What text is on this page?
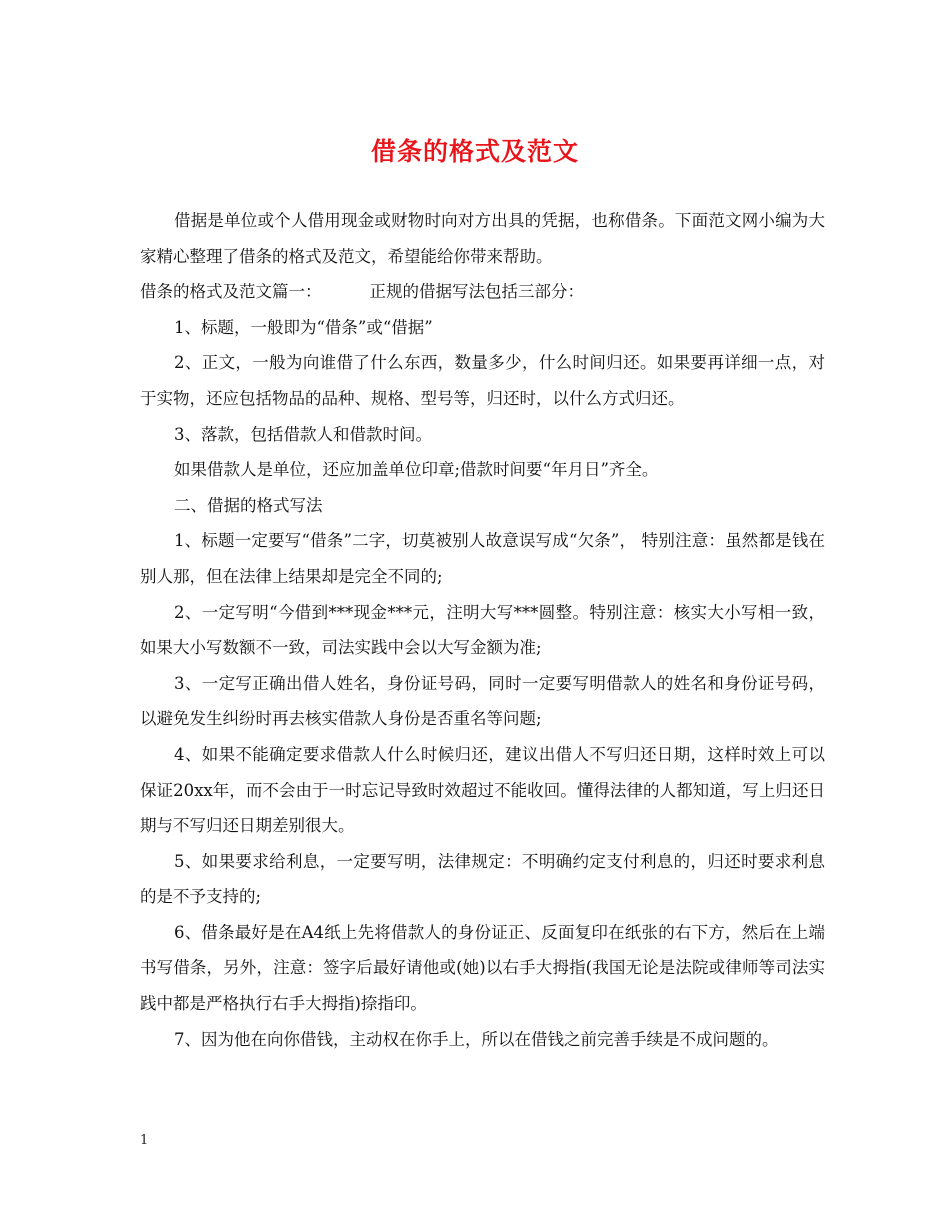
借条的格式及范文

借据是单位或个人借用现金或财物时向对方出具的凭据，也称借条。下面范文网小编为大家精心整理了借条的格式及范文，希望能给你带来帮助。

借条的格式及范文篇一：	正规的借据写法包括三部分：

1、标题，一般即为“借条”或“借据”

2、正文，一般为向谁借了什么东西，数量多少，什么时间归还。如果要再详细一点，对于实物，还应包括物品的品种、规格、型号等，归还时，以什么方式归还。

3、落款，包括借款人和借款时间。

如果借款人是单位，还应加盖单位印章;借款时间要“年月日”齐全。

二、借据的格式写法

1、标题一定要写“借条”二字，切莫被别人故意误写成“欠条”， 特别注意：虽然都是钱在别人那，但在法律上结果却是完全不同的;

2、一定写明“今借到***现金***元，注明大写***圆整。特别注意：核实大小写相一致，如果大小写数额不一致，司法实践中会以大写金额为准;

3、一定写正确出借人姓名，身份证号码，同时一定要写明借款人的姓名和身份证号码，以避免发生纠纷时再去核实借款人身份是否重名等问题;

4、如果不能确定要求借款人什么时候归还，建议出借人不写归还日期，这样时效上可以保证20xx年，而不会由于一时忘记导致时效超过不能收回。懂得法律的人都知道，写上归还日期与不写归还日期差别很大。

5、如果要求给利息，一定要写明，法律规定：不明确约定支付利息的，归还时要求利息的是不予支持的;

6、借条最好是在A4纸上先将借款人的身份证正、反面复印在纸张的右下方，然后在上端书写借条，另外，注意：签字后最好请他或(她)以右手大拇指(我国无论是法院或律师等司法实践中都是严格执行右手大拇指)捺指印。

7、因为他在向你借钱，主动权在你手上，所以在借钱之前完善手续是不成问题的。

1
